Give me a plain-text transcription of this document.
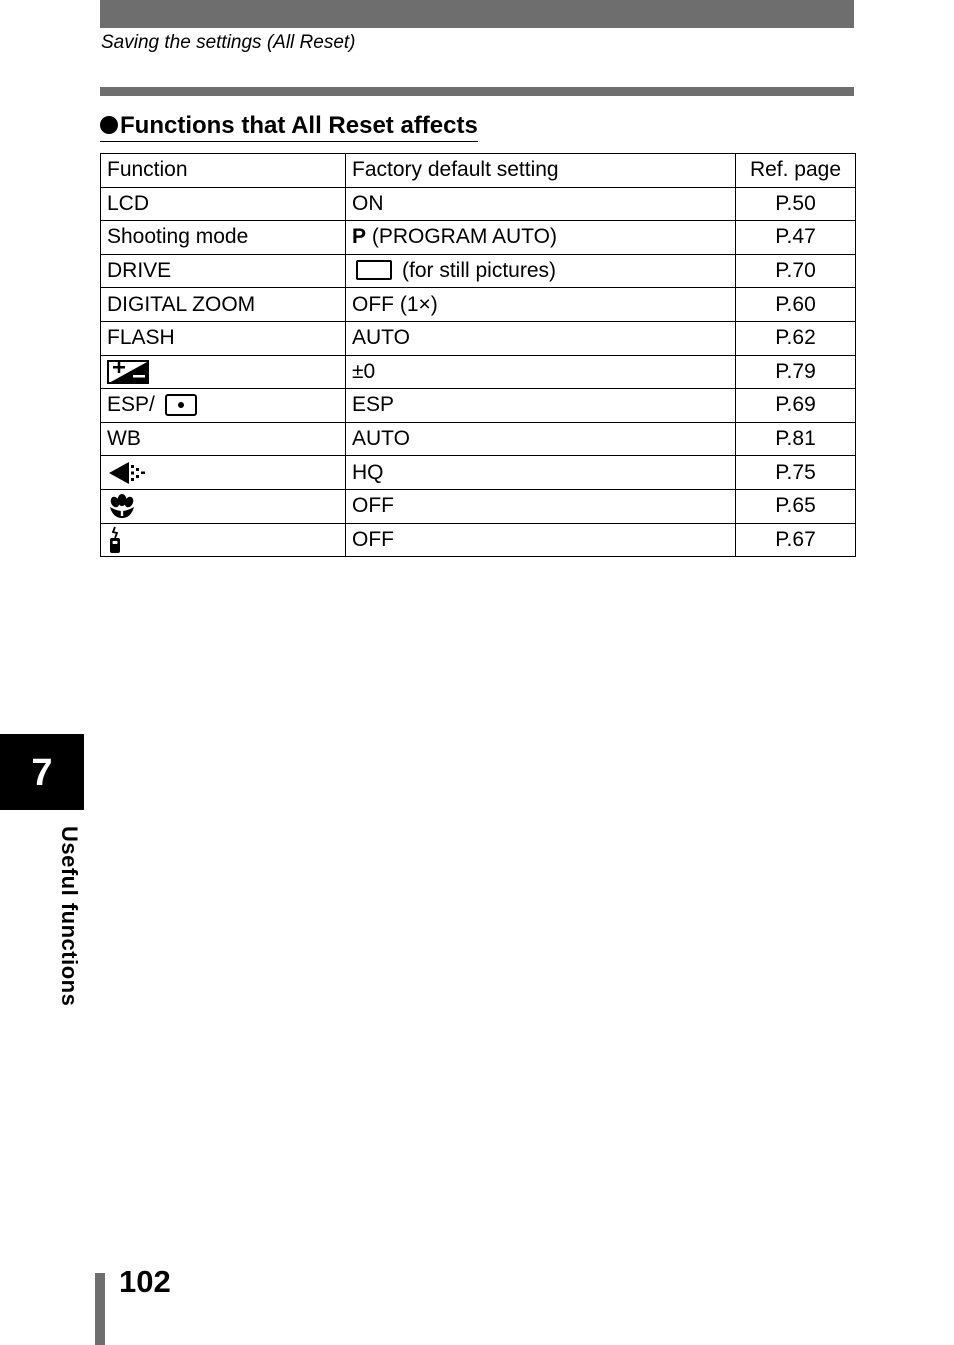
Saving the settings (All Reset)
Functions that All Reset affects
Function	Factory default setting	Ref. page
LCD	ON	P.50
Shooting mode	P (PROGRAM AUTO)	P.47
DRIVE	(for still pictures)	P.70
DIGITAL ZOOM	OFF (1×)	P.60
FLASH	AUTO	P.62
	±0	P.79
ESP/	ESP	P.69
WB	AUTO	P.81
	HQ	P.75
	OFF	P.65
	OFF	P.67
7
Useful functions
102
